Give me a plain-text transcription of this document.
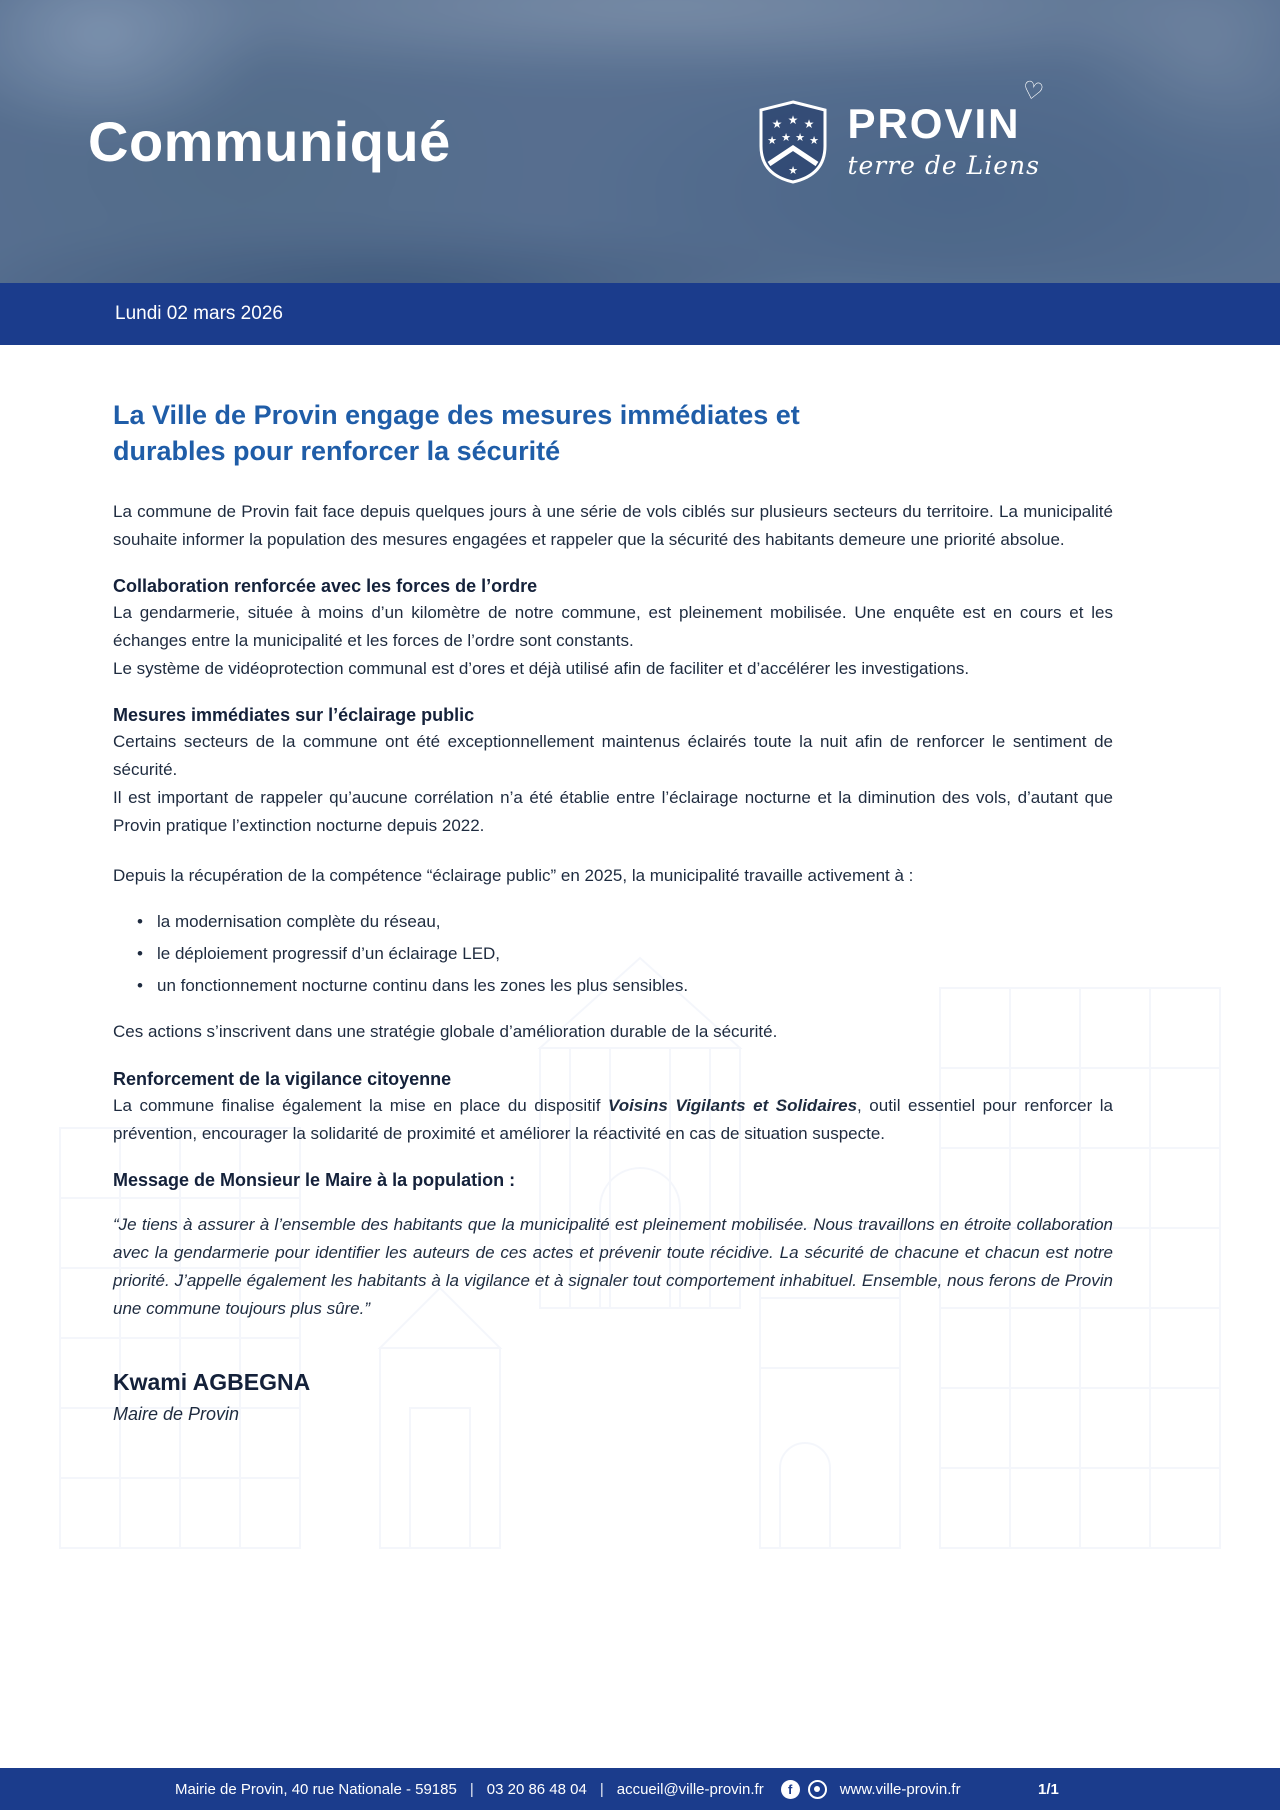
Communiqué	★ ★ ★
★ ★ ★ ★
★
♡
PROVIN
terre de Liens
Lundi 02 mars 2026
La Ville de Provin engage des mesures immédiates et durables pour renforcer la sécurité

La commune de Provin fait face depuis quelques jours à une série de vols ciblés sur plusieurs secteurs du territoire. La municipalité souhaite informer la population des mesures engagées et rappeler que la sécurité des habitants demeure une priorité absolue.

Collaboration renforcée avec les forces de l’ordre

La gendarmerie, située à moins d’un kilomètre de notre commune, est pleinement mobilisée. Une enquête est en cours et les échanges entre la municipalité et les forces de l’ordre sont constants.

Le système de vidéoprotection communal est d’ores et déjà utilisé afin de faciliter et d’accélérer les investigations.

Mesures immédiates sur l’éclairage public

Certains secteurs de la commune ont été exceptionnellement maintenus éclairés toute la nuit afin de renforcer le sentiment de sécurité.

Il est important de rappeler qu’aucune corrélation n’a été établie entre l’éclairage nocturne et la diminution des vols, d’autant que Provin pratique l’extinction nocturne depuis 2022.

Depuis la récupération de la compétence “éclairage public” en 2025, la municipalité travaille activement à :

• la modernisation complète du réseau,
• le déploiement progressif d’un éclairage LED,
• un fonctionnement nocturne continu dans les zones les plus sensibles.

Ces actions s’inscrivent dans une stratégie globale d’amélioration durable de la sécurité.

Renforcement de la vigilance citoyenne

La commune finalise également la mise en place du dispositif Voisins Vigilants et Solidaires, outil essentiel pour renforcer la prévention, encourager la solidarité de proximité et améliorer la réactivité en cas de situation suspecte.

Message de Monsieur le Maire à la population :

“Je tiens à assurer à l’ensemble des habitants que la municipalité est pleinement mobilisée. Nous travaillons en étroite collaboration avec la gendarmerie pour identifier les auteurs de ces actes et prévenir toute récidive. La sécurité de chacune et chacun est notre priorité. J’appelle également les habitants à la vigilance et à signaler tout comportement inhabituel. Ensemble, nous ferons de Provin une commune toujours plus sûre.”

Kwami AGBEGNA
Maire de Provin
Mairie de Provin, 40 rue Nationale - 59185 | 03 20 86 48 04 | accueil@ville-provin.fr	f	www.ville-provin.fr	1/1
